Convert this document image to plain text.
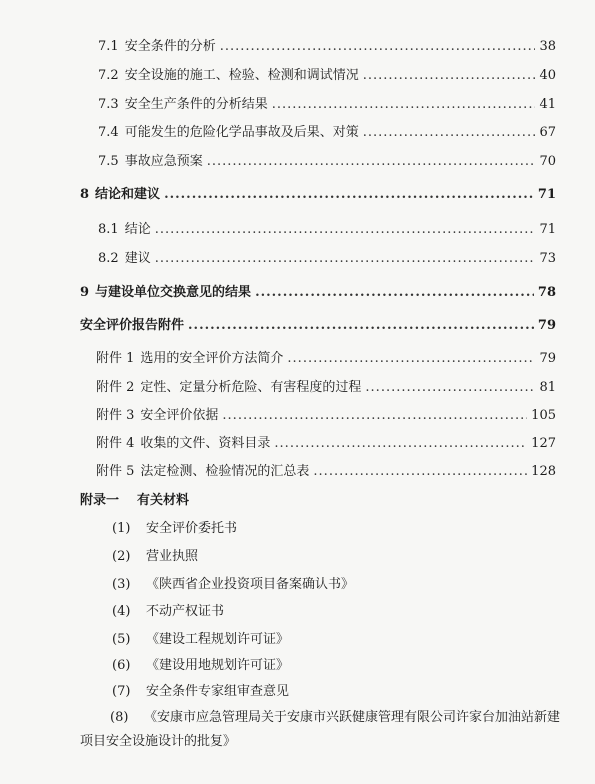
7.1 安全条件的分析 .....	38
7.2 安全设施的施工、检验、检测和调试情况 .....	40
7.3 安全生产条件的分析结果 .....	41
7.4 可能发生的危险化学品事故及后果、对策 .....	67
7.5 事故应急预案 .....	70
8 结论和建议 .....	71
8.1 结论 .....	71
8.2 建议 .....	73
9 与建设单位交换意见的结果 .....	78
安全评价报告附件 .....	79
附件 1 选用的安全评价方法简介 .....	79
附件 2 定性、定量分析危险、有害程度的过程 .....	81
附件 3 安全评价依据 .....	105
附件 4 收集的文件、资料目录 .....	127
附件 5 法定检测、检验情况的汇总表 .....	128
附录一 有关材料
(1) 安全评价委托书
(2) 营业执照
(3) 《陕西省企业投资项目备案确认书》
(4) 不动产权证书
(5) 《建设工程规划许可证》
(6) 《建设用地规划许可证》
(7) 安全条件专家组审查意见
(8) 《安康市应急管理局关于安康市兴跃健康管理有限公司许家台加油站新建项目安全设施设计的批复》
